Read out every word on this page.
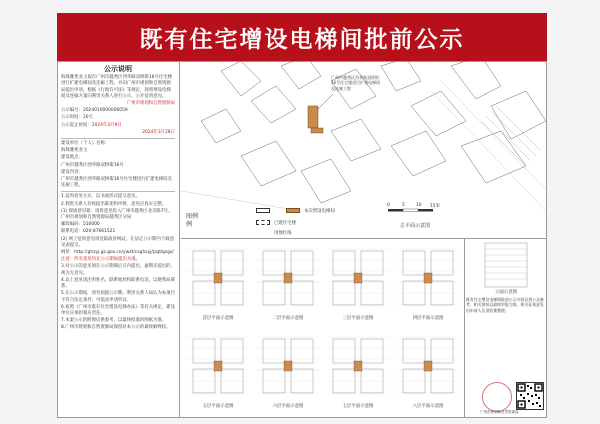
既有住宅增设电梯间批前公示
公示说明
海珠雅苑业主拟在广州市越秀区西华路双桥街16号住宅楼进行扩建电梯间及连廊工程，并向广州市规划和自然资源局提出申请。根据《行政许可法》等规定，现将增设电梯间及连廊方案向利害关系人进行公示，公开征询意见。
广州市规划和自然资源局
公示编号：2024010000006059
公示时间：20天
公示起止时间：2024年3月9日
2024年3月28日
建设单位（个人）名称：
海珠雅苑业主
建设地点：
广州市越秀区西华路双桥街16号
建设内容：
广州市越秀区西华路双桥街16号住宅楼进行扩建电梯间及连廊工程。
1.征询意见方式：以书面形式提交意见。
2.利害关系人有权提出陈述和申辩，意见应真实完整。
(1) 现场意见箱：请将意见投入广州市越秀区北京路7号。广州市规划和自然资源局越秀区分局
邮政编码：510000
联系电话：020-87661521
(2) 网上征询意见请登陆政府网站，在法定公示期内下载意见表提交。
网址：http://ghzyj.gz.gov.cn/ywzt/cxghzyj/jzgtlgsgs/
注意：所有意见均在公示期间提出为准。
3.对公示的意见须在公示期满后日内提出，逾期未提出的，视为无意见。
4.以上意见请注明姓名、联系地址和联系电话，以便我局联系。
5.在公示期间，请勿损毁公示牌。利害关系人如认为本项目不符合法定条件，可依法申请听证。
6.按照《广州市既有住宅增设电梯办法》等有关规定，建设单位应承担相应责任。
7.本案公示的附图仅供参考，以最终批准的图纸为准。
8.广州市规划和自然资源局保留对本公示的最终解释权。
广州市越秀区西华路双桥街16号住宅楼进行扩建电梯间及连廊工程
0	5	10 15米
总平面示意图
图例
例
本次增设电梯间
已建住宅楼
用地红线
首层平面示意图	二层平面示意图	三层平面示意图	四层平面示意图
五层平面示意图	六层平面示意图	七层平面示意图	八层平面示意图
立面示意图
既有住宅增设电梯间批前公示内容仅供公众参考，相关图纸以最终审批为准。相关征询意见由申请人负责收集整理。
广州市规划和自然资源局
